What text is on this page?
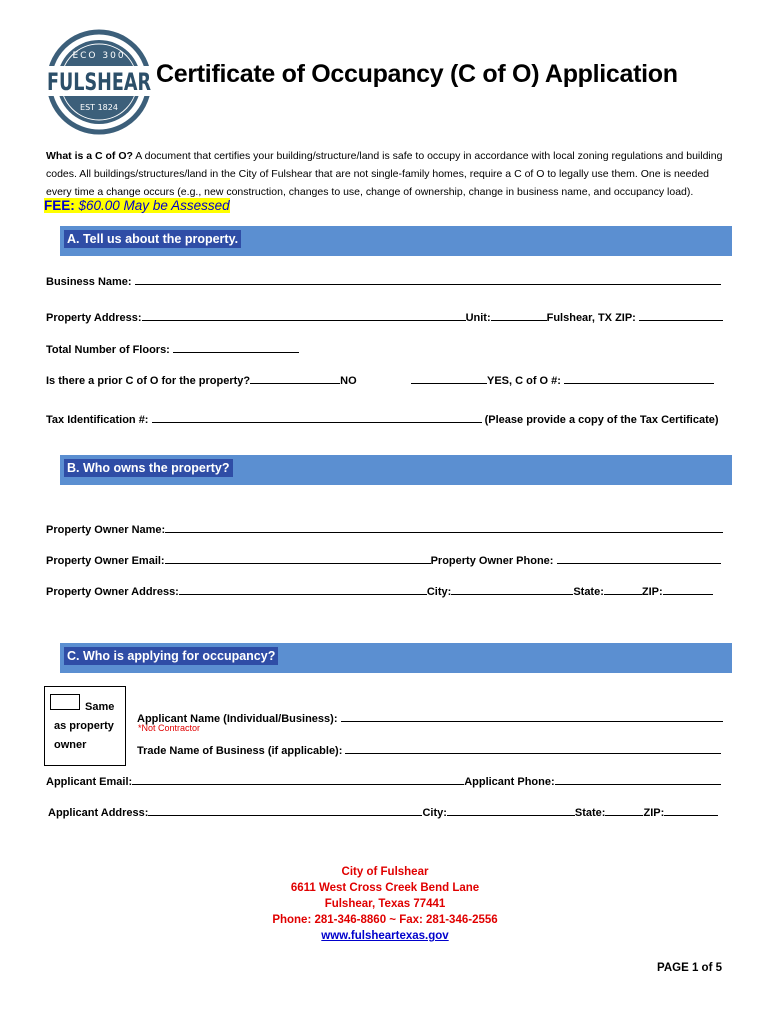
ECO 300
FULSHEAR
EST 1824
Certificate of Occupancy (C of O) Application
What is a C of O? A document that certifies your building/structure/land is safe to occupy in accordance with local zoning regulations and building codes. All buildings/structures/land in the City of Fulshear that are not single-family homes, require a C of O to legally use them. One is needed every time a change occurs (e.g., new construction, changes to use, change of ownership, change in business name, and occupancy load).
FEE: $60.00 May be Assessed
A. Tell us about the property.
Business Name:
Property Address:	Unit:	Fulshear, TX ZIP:
Total Number of Floors:
Is there a prior C of O for the property?	NO	YES, C of O #:
Tax Identification #:	(Please provide a copy of the Tax Certificate)
B. Who owns the property?
Property Owner Name:
Property Owner Email:	Property Owner Phone:
Property Owner Address:	City:	State:	ZIP:
C. Who is applying for occupancy?
Same
as property
owner
Applicant Name (Individual/Business):
*Not Contractor
Trade Name of Business (if applicable):
Applicant Email:	Applicant Phone:
Applicant Address:	City:	State:	ZIP:
City of Fulshear
6611 West Cross Creek Bend Lane
Fulshear, Texas 77441
Phone: 281-346-8860 ~ Fax: 281-346-2556
www.fulsheartexas.gov
PAGE 1 of 5
